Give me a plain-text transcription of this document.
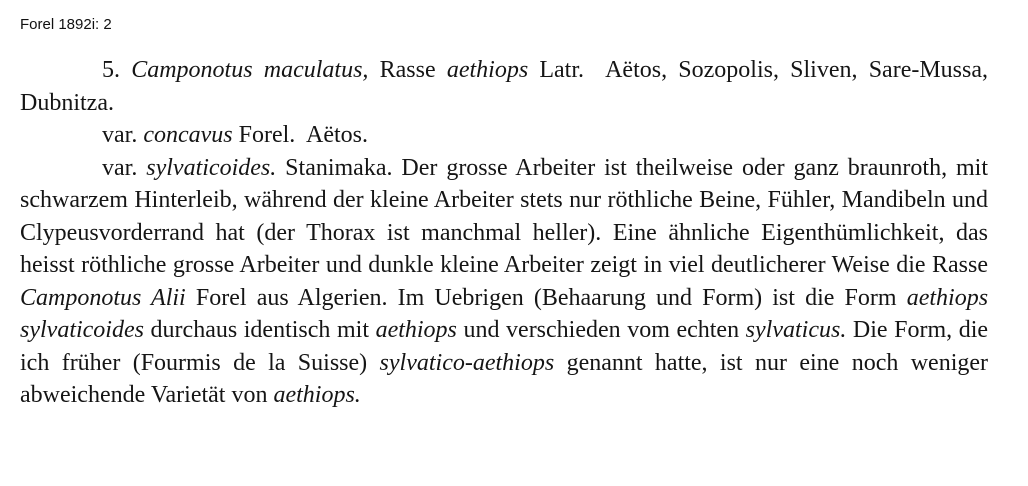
Forel 1892i: 2

5. Camponotus maculatus, Rasse aethiops Latr. Aëtos, Sozopolis, Sliven, Sare-Mussa, Dubnitza.

var. concavus Forel. Aëtos.

var. sylvaticoides. Stanimaka. Der grosse Arbeiter ist theilweise oder ganz braunroth, mit schwarzem Hinterleib, während der kleine Arbeiter stets nur röthliche Beine, Fühler, Mandibeln und Clypeusvorderrand hat (der Thorax ist manchmal heller). Eine ähnliche Eigenthümlichkeit, das heisst röthliche grosse Arbeiter und dunkle kleine Arbeiter zeigt in viel deutlicherer Weise die Rasse Camponotus Alii Forel aus Algerien. Im Uebrigen (Behaarung und Form) ist die Form aethiops sylvaticoides durchaus identisch mit aethiops und verschieden vom echten sylvaticus. Die Form, die ich früher (Fourmis de la Suisse) sylvatico-aethiops genannt hatte, ist nur eine noch weniger abweichende Varietät von aethiops.
